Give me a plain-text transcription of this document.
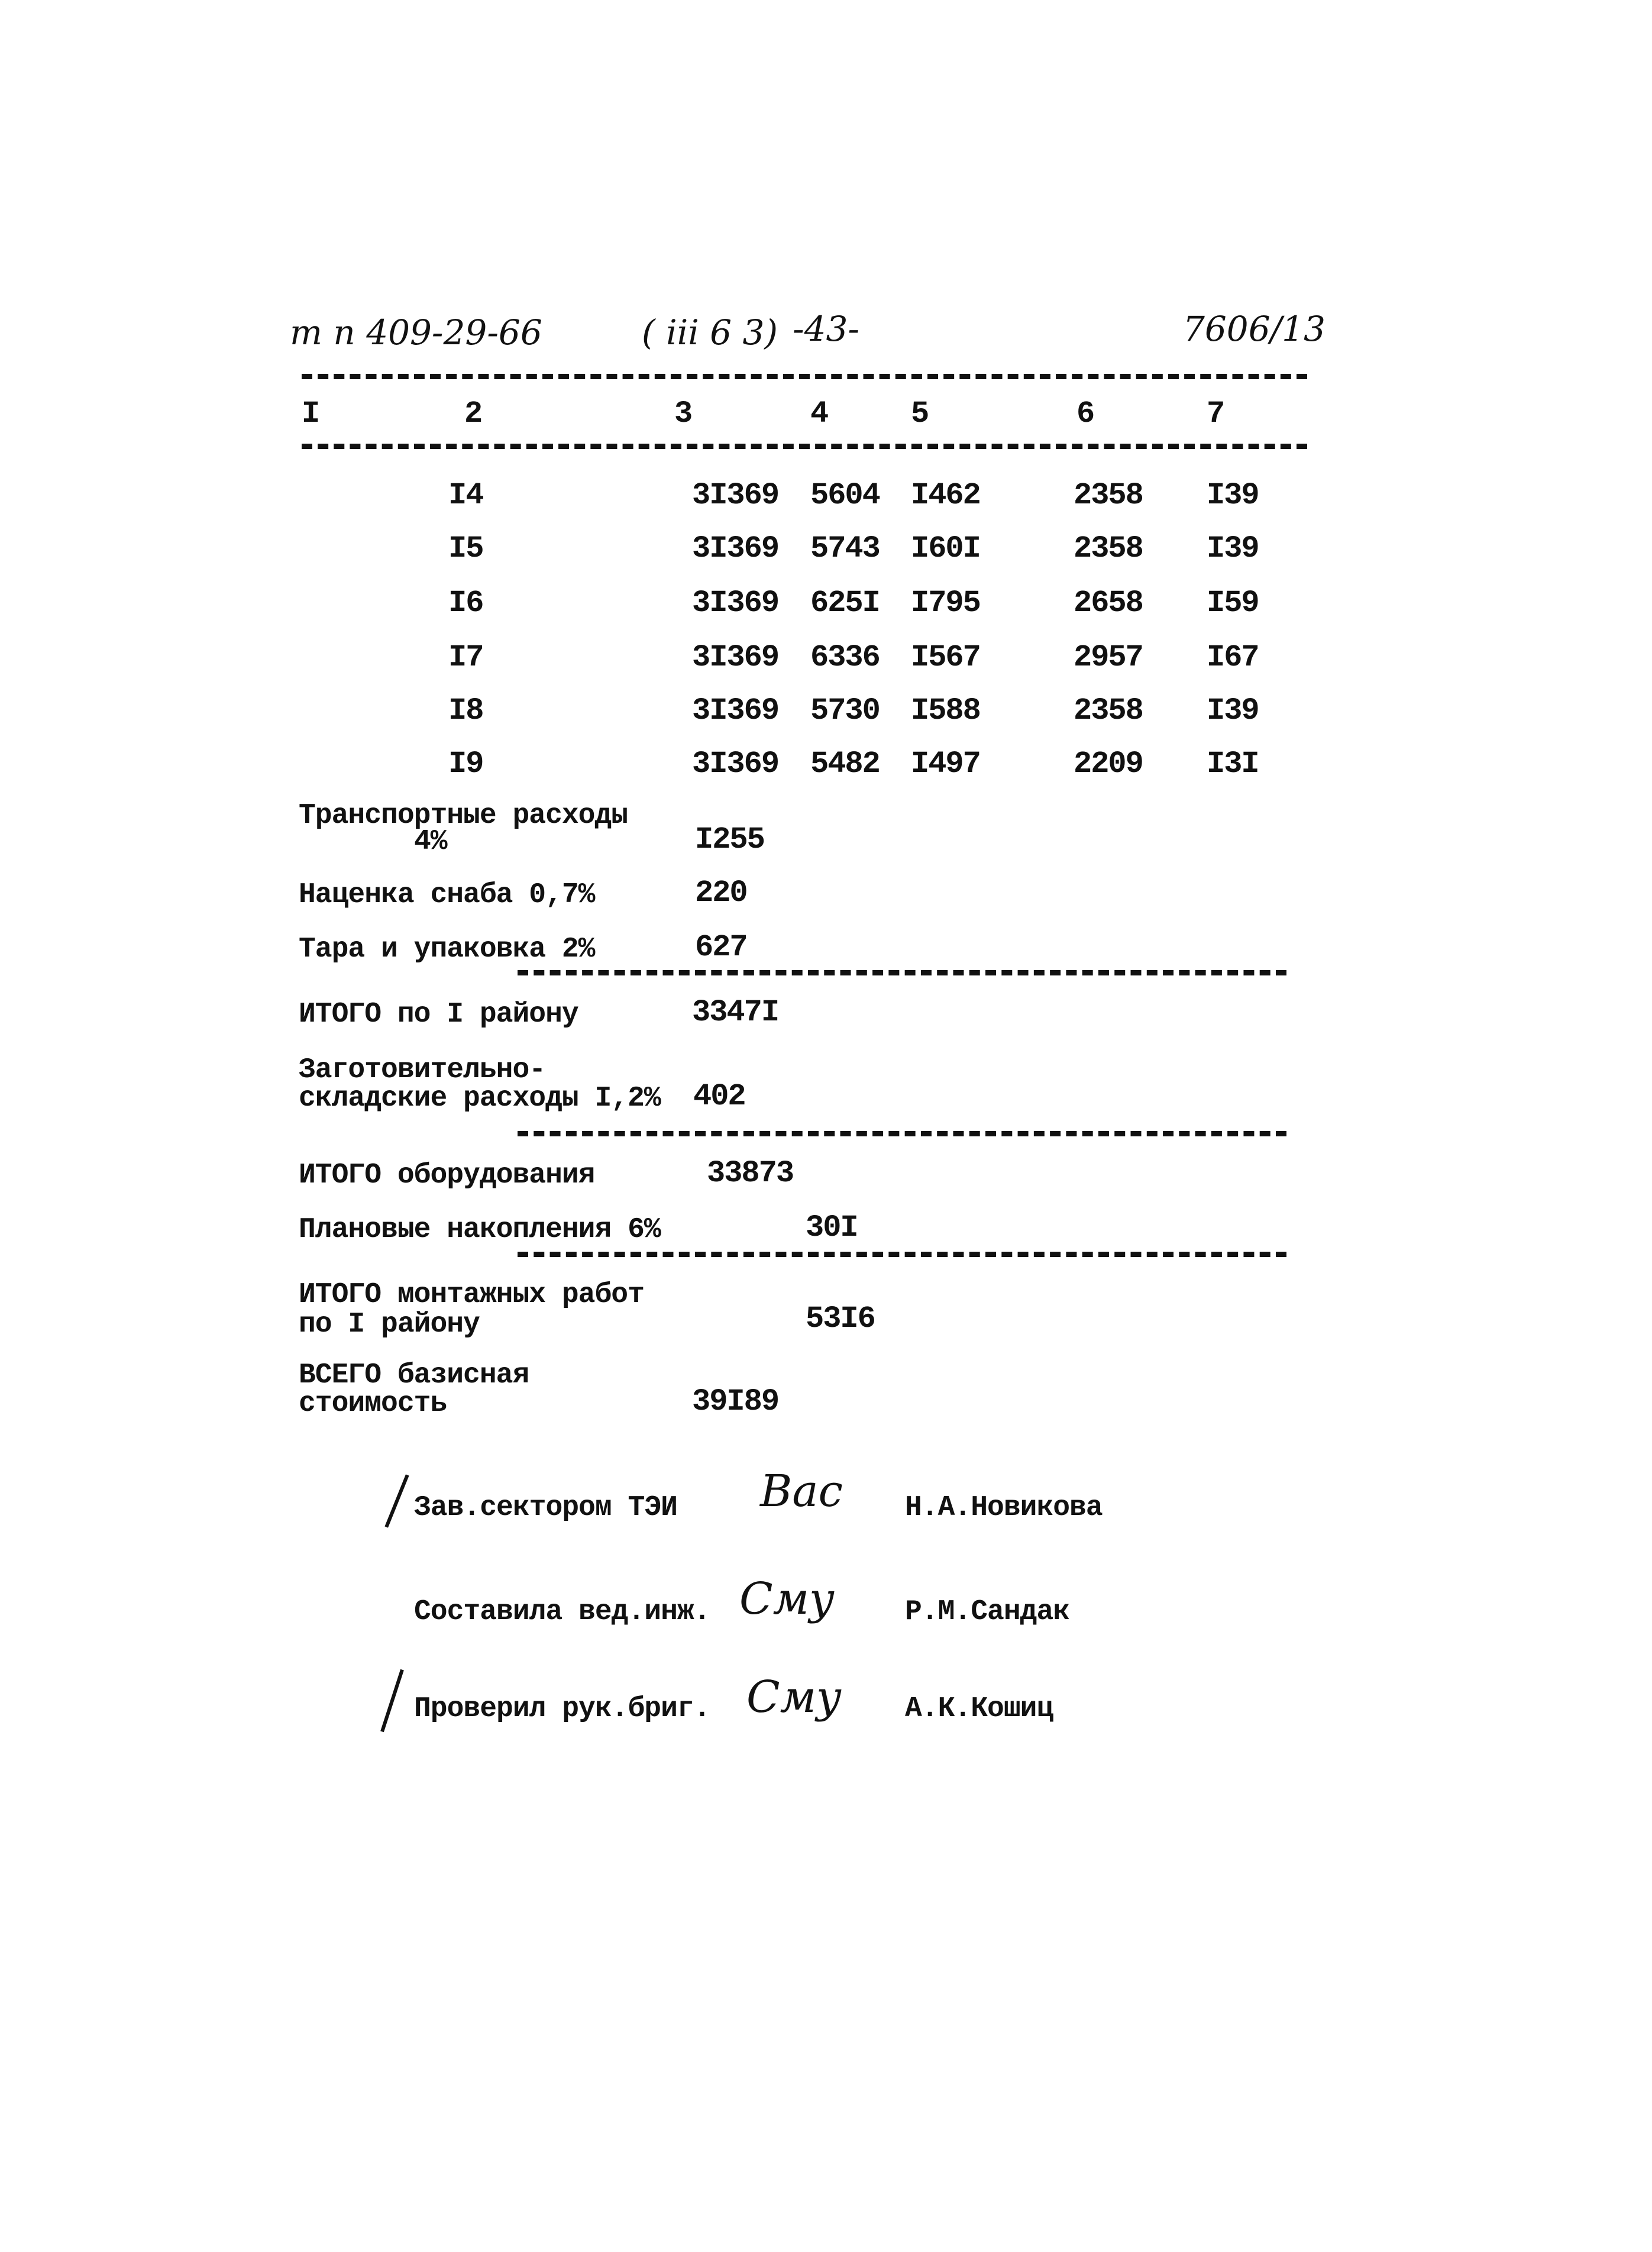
т п 409-29-66	( ⅲ 6 3) -43-	7606/13
I	2	3	4	5	6	7
I4	3I369 5604 I462	2358 I39
I5	3I369 5743 I60I	2358 I39
I6	3I369 625I I795	2658 I59
I7	3I369 6336 I567	2957 I67
I8	3I369 5730 I588	2358 I39
I9	3I369 5482 I497	2209 I3I
Транспортные расходы
4%	I255
Наценка снаба 0,7%	220
Тара и упаковка 2%	627
ИТОГО по I району	3347I
Заготовительно-
складские расходы I,2% 402
ИТОГО оборудования	33873
Плановые накопления 6%	30I
ИТОГО монтажных работ
по I району	53I6
ВСЕГО базисная
стоимость	39I89
Зав.сектором ТЭИ Вас Н.А.Новикова
Составила вед.инж. Сму Р.М.Сандак
Проверил рук.бриг. Сму А.К.Кошиц
